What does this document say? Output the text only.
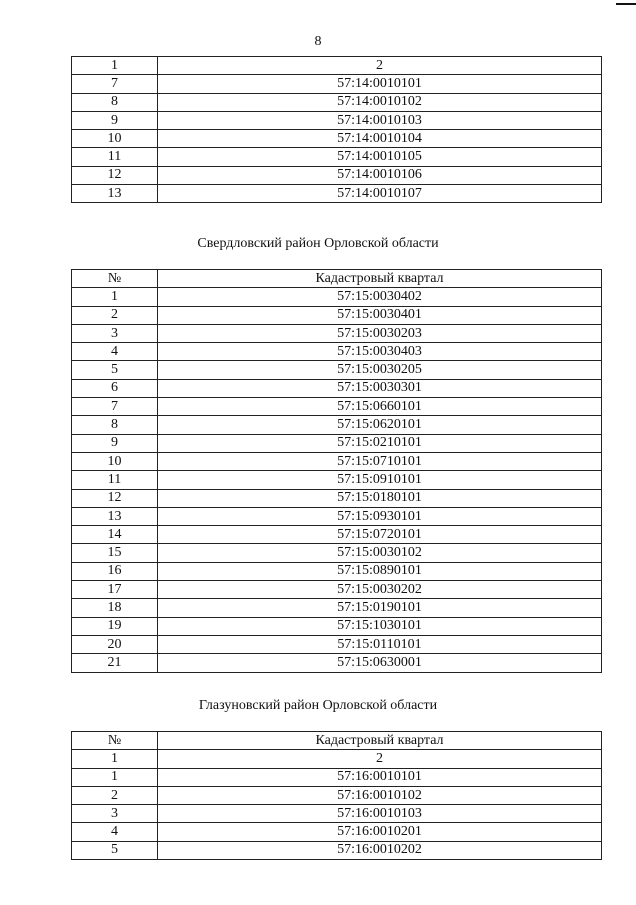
8
1	2
7	57:14:0010101
8	57:14:0010102
9	57:14:0010103
10	57:14:0010104
11	57:14:0010105
12	57:14:0010106
13	57:14:0010107
Свердловский район Орловской области
№	Кадастровый квартал
1	57:15:0030402
2	57:15:0030401
3	57:15:0030203
4	57:15:0030403
5	57:15:0030205
6	57:15:0030301
7	57:15:0660101
8	57:15:0620101
9	57:15:0210101
10	57:15:0710101
11	57:15:0910101
12	57:15:0180101
13	57:15:0930101
14	57:15:0720101
15	57:15:0030102
16	57:15:0890101
17	57:15:0030202
18	57:15:0190101
19	57:15:1030101
20	57:15:0110101
21	57:15:0630001
Глазуновский район Орловской области
№	Кадастровый квартал
1	2
1	57:16:0010101
2	57:16:0010102
3	57:16:0010103
4	57:16:0010201
5	57:16:0010202
